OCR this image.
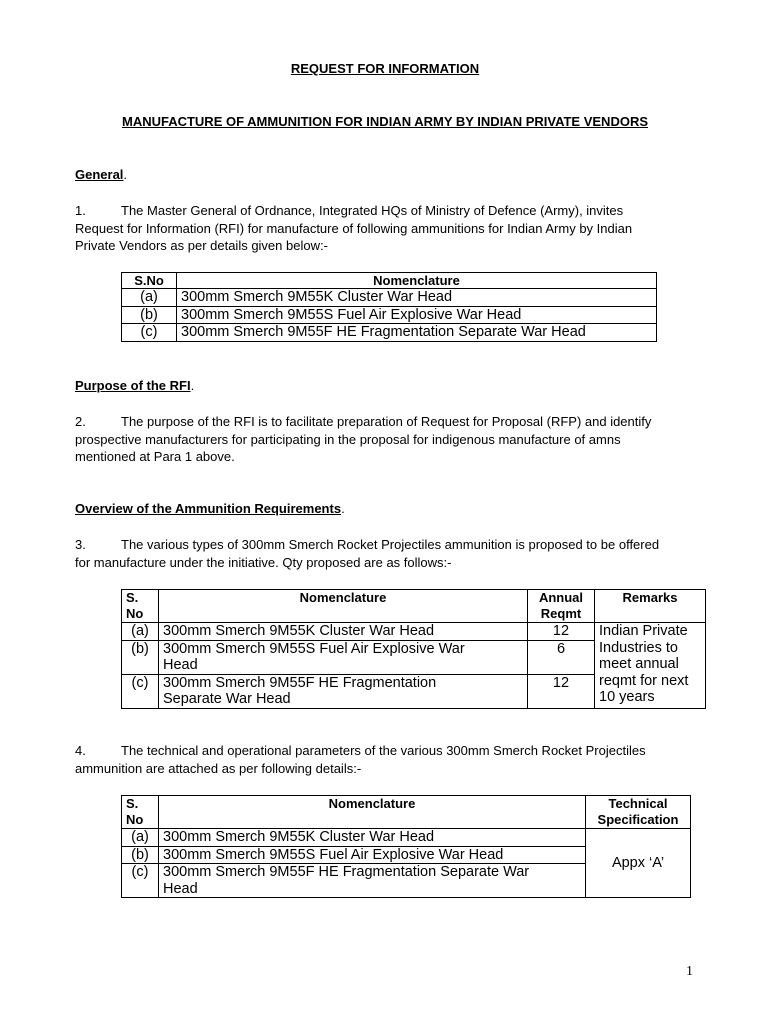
REQUEST FOR INFORMATION
MANUFACTURE OF AMMUNITION FOR INDIAN ARMY BY INDIAN PRIVATE VENDORS
General.
1.	The Master General of Ordnance, Integrated HQs of Ministry of Defence (Army), invites
Request for Information (RFI) for manufacture of following ammunitions for Indian Army by Indian
Private Vendors as per details given below:-
S.No	Nomenclature
(a)	300mm Smerch 9M55K Cluster War Head
(b)	300mm Smerch 9M55S Fuel Air Explosive War Head
(c)	300mm Smerch 9M55F HE Fragmentation Separate War Head
Purpose of the RFI.
2.	The purpose of the RFI is to facilitate preparation of Request for Proposal (RFP) and identify
prospective manufacturers for participating in the proposal for indigenous manufacture of amns
mentioned at Para 1 above.
Overview of the Ammunition Requirements.
3.	The various types of 300mm Smerch Rocket Projectiles ammunition is proposed to be offered
for manufacture under the initiative. Qty proposed are as follows:-
S.
No	Nomenclature	Annual
Reqmt	Remarks
(a)	300mm Smerch 9M55K Cluster War Head	12	Indian Private
Industries to
meet annual
reqmt for next
10 years
(b)	300mm Smerch 9M55S Fuel Air Explosive War
Head	6	
(c)	300mm Smerch 9M55F HE Fragmentation
Separate War Head	12	
4.	The technical and operational parameters of the various 300mm Smerch Rocket Projectiles
ammunition are attached as per following details:-
S.
No	Nomenclature	Technical
Specification
(a)	300mm Smerch 9M55K Cluster War Head	Appx ‘A’
(b)	300mm Smerch 9M55S Fuel Air Explosive War Head	
(c)	300mm Smerch 9M55F HE Fragmentation Separate War
Head	
1
